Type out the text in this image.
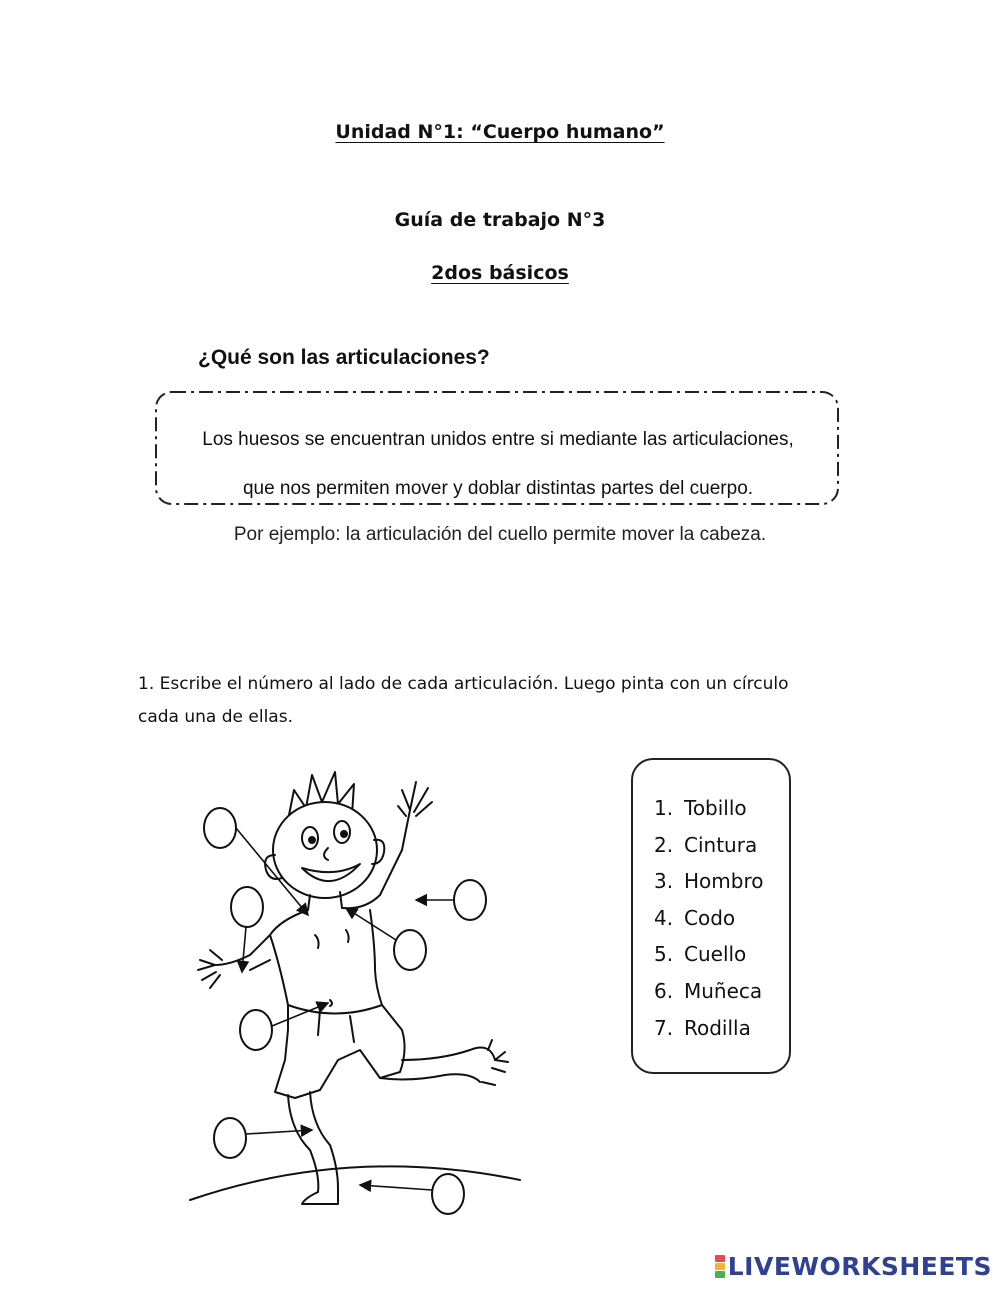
Unidad N°1: “Cuerpo humano”
Guía de trabajo N°3
2dos básicos
¿Qué son las articulaciones?
Los huesos se encuentran unidos entre si mediante las articulaciones,
que nos permiten mover y doblar distintas partes del cuerpo.
Por ejemplo: la articulación del cuello permite mover la cabeza.
1. Escribe el número al lado de cada articulación. Luego pinta con un círculo
cada una de ellas.
1. Tobillo
2. Cintura
3. Hombro
4. Codo
5. Cuello
6. Muñeca
7. Rodilla
LIVEWORKSHEETS
